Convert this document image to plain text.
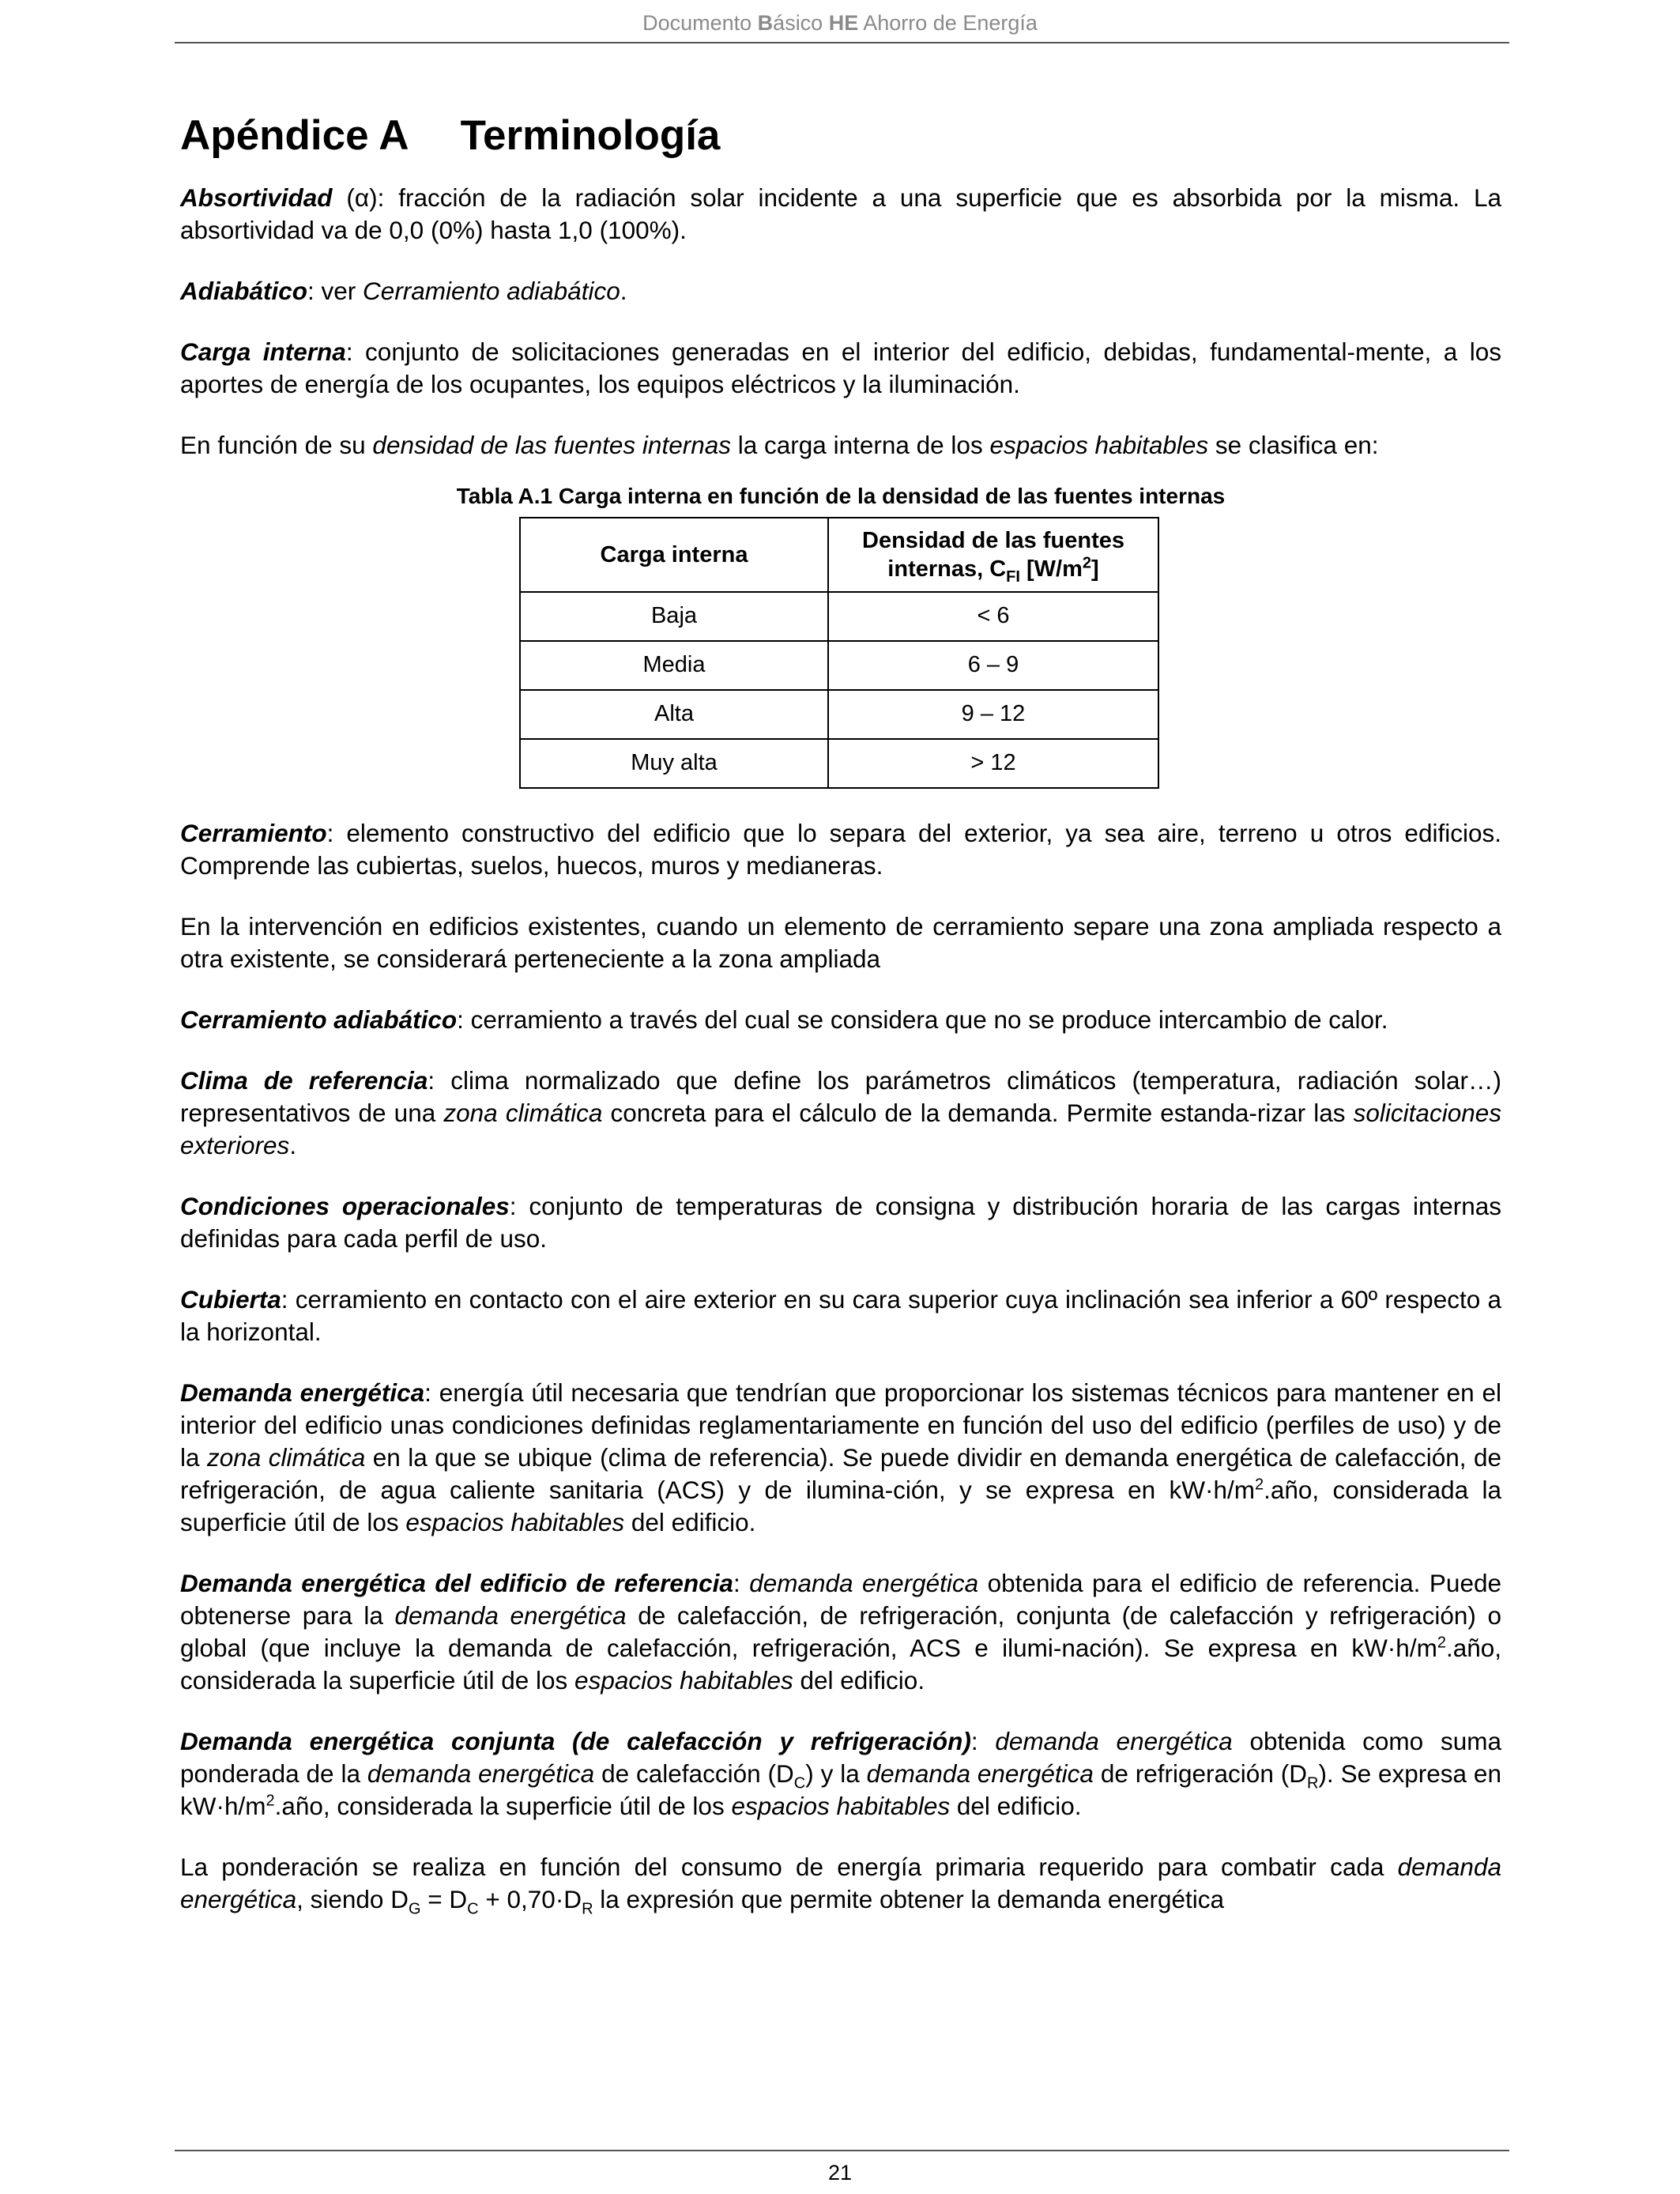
Documento Básico HE Ahorro de Energía
Apéndice A Terminología

Absortividad (α): fracción de la radiación solar incidente a una superficie que es absorbida por la misma. La absortividad va de 0,0 (0%) hasta 1,0 (100%).

Adiabático: ver Cerramiento adiabático.

Carga interna: conjunto de solicitaciones generadas en el interior del edificio, debidas, fundamental-mente, a los aportes de energía de los ocupantes, los equipos eléctricos y la iluminación.

En función de su densidad de las fuentes internas la carga interna de los espacios habitables se clasifica en:

Tabla A.1 Carga interna en función de la densidad de las fuentes internas
Carga interna	Densidad de las fuentes
internas, $C_{FI}$ $[W/m^2]$
Baja	< 6
Media	6 – 9
Alta	9 – 12
Muy alta	> 12

Cerramiento: elemento constructivo del edificio que lo separa del exterior, ya sea aire, terreno u otros edificios. Comprende las cubiertas, suelos, huecos, muros y medianeras.

En la intervención en edificios existentes, cuando un elemento de cerramiento separe una zona ampliada respecto a otra existente, se considerará perteneciente a la zona ampliada

Cerramiento adiabático: cerramiento a través del cual se considera que no se produce intercambio de calor.

Clima de referencia: clima normalizado que define los parámetros climáticos (temperatura, radiación solar…) representativos de una zona climática concreta para el cálculo de la demanda. Permite estanda-rizar las solicitaciones exteriores.

Condiciones operacionales: conjunto de temperaturas de consigna y distribución horaria de las cargas internas definidas para cada perfil de uso.

Cubierta: cerramiento en contacto con el aire exterior en su cara superior cuya inclinación sea inferior a 60º respecto a la horizontal.

Demanda energética: energía útil necesaria que tendrían que proporcionar los sistemas técnicos para mantener en el interior del edificio unas condiciones definidas reglamentariamente en función del uso del edificio (perfiles de uso) y de la zona climática en la que se ubique (clima de referencia). Se puede dividir en demanda energética de calefacción, de refrigeración, de agua caliente sanitaria (ACS) y de ilumina-ción, y se expresa en $kW\cdot h/m^2.año$, considerada la superficie útil de los espacios habitables del edificio.

Demanda energética del edificio de referencia: demanda energética obtenida para el edificio de referencia. Puede obtenerse para la demanda energética de calefacción, de refrigeración, conjunta (de calefacción y refrigeración) o global (que incluye la demanda de calefacción, refrigeración, ACS e ilumi-nación). Se expresa en $kW\cdot h/m^2.año$, considerada la superficie útil de los espacios habitables del edificio.

Demanda energética conjunta (de calefacción y refrigeración): demanda energética obtenida como suma ponderada de la demanda energética de calefacción $(D_C)$ y la demanda energética de refrigeración $(D_R)$. Se expresa en $kW\cdot h/m^2.año$, considerada la superficie útil de los espacios habitables del edificio.

La ponderación se realiza en función del consumo de energía primaria requerido para combatir cada demanda energética, siendo $D_G = D_C + 0,70\cdot D_R$ la expresión que permite obtener la demanda energética

21
